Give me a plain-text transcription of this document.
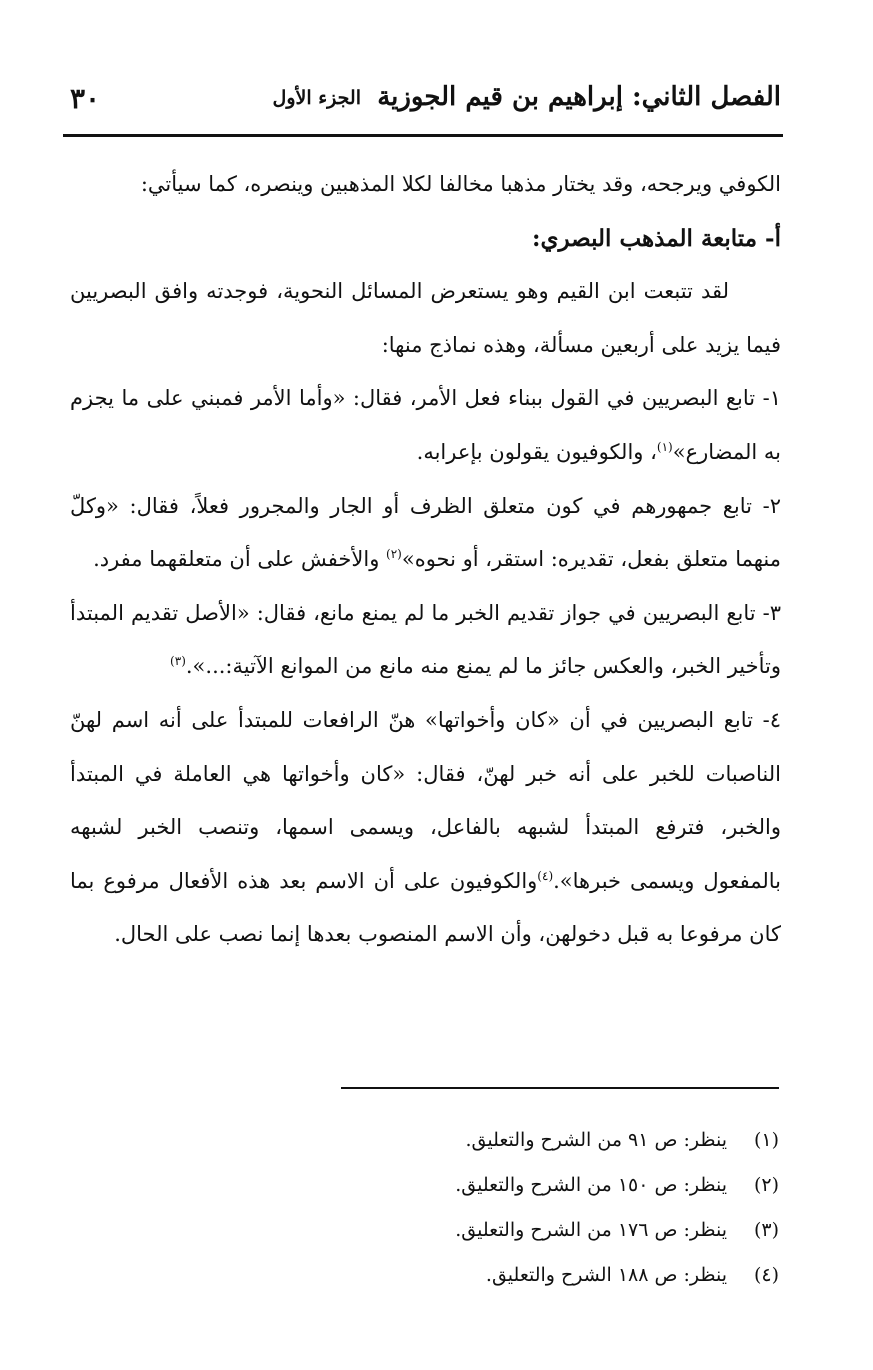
الفصل الثاني: إبراهيم بن قيم الجوزية
الجزء الأول
٣٠

الكوفي ويرجحه، وقد يختار مذهبا مخالفا لكلا المذهبين وينصره، كما سيأتي:

أ- متابعة المذهب البصري:

لقد تتبعت ابن القيم وهو يستعرض المسائل النحوية، فوجدته وافق البصريين فيما يزيد على أربعين مسألة، وهذه نماذج منها:

١- تابع البصريين في القول ببناء فعل الأمر، فقال: «وأما الأمر فمبني على ما يجزم به المضارع»$^{(١)}$، والكوفيون يقولون بإعرابه.

٢- تابع جمهورهم في كون متعلق الظرف أو الجار والمجرور فعلاً، فقال: «وكلّ منهما متعلق بفعل، تقديره: استقر، أو نحوه»$^{(٢)}$ والأخفش على أن متعلقهما مفرد.

٣- تابع البصريين في جواز تقديم الخبر ما لم يمنع مانع، فقال: «الأصل تقديم المبتدأ وتأخير الخبر، والعكس جائز ما لم يمنع منه مانع من الموانع الآتية:...».$^{(٣)}$

٤- تابع البصريين في أن «كان وأخواتها» هنّ الرافعات للمبتدأ على أنه اسم لهنّ الناصبات للخبر على أنه خبر لهنّ، فقال: «كان وأخواتها هي العاملة في المبتدأ والخبر، فترفع المبتدأ لشبهه بالفاعل، ويسمى اسمها، وتنصب الخبر لشبهه بالمفعول ويسمى خبرها».$^{(٤)}$والكوفيون على أن الاسم بعد هذه الأفعال مرفوع بما كان مرفوعا به قبل دخولهن، وأن الاسم المنصوب بعدها إنما نصب على الحال.

(١)
ينظر: ص ٩١ من الشرح والتعليق.
(٢)
ينظر: ص ١٥٠ من الشرح والتعليق.
(٣)
ينظر: ص ١٧٦ من الشرح والتعليق.
(٤)
ينظر: ص ١٨٨ الشرح والتعليق.
